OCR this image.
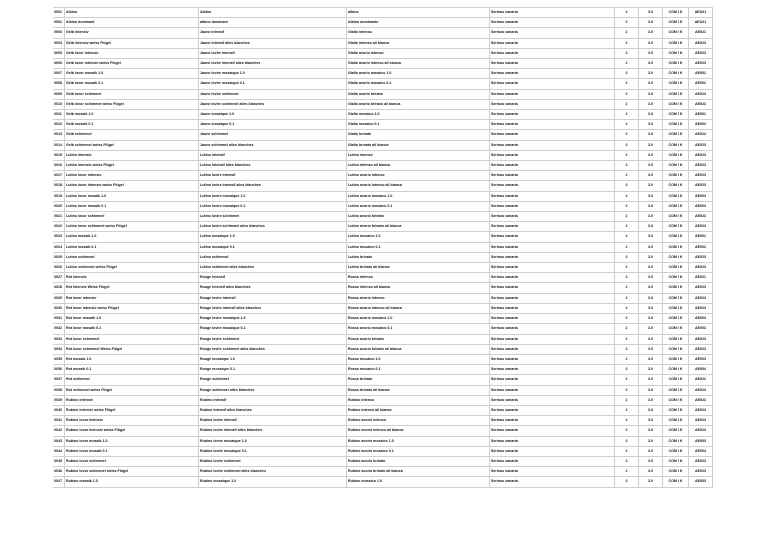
0001	Albino	Albino	albino	Serinus canaria	2	3.0	COM I K	AEU21
0002	Albino dominant	albino dominant	Albino dominante	Serinus canaria	2	3.0	COM I K	AEU21
0003	Gelb intensiv	Jaune intensif	Giallo intenso	Serinus canaria	2	3.0	COM I K	AE021
0004	Gelb intensiv weiss Flügel	Jaune intensif ailes blanches	Giallo intenso ali bianca	Serinus canaria	2	3.0	COM I K	AE023
0005	Gelb lovor intensiv	Jaune lovire intensif	Giallo avorio intenso	Serinus canaria	2	3.0	COM I K	AE023
0006	Gelb lovor intensiv weiss Flügel	Jaune lovire intensif ailes blanches	Giallo avorio intenso ali bianca	Serinus canaria	2	3.0	COM I K	AE023
0007	Gelb lovor mosaik 1.0	Jaune lovire mosaique 1.0	Giallo avorio mosaico 1.0	Serinus canaria	2	3.0	COM I K	AE001
0008	Gelb lovor mosaik 0.1	Jaune lovire mosaique 0.1	Giallo avorio mosaico 0.1	Serinus canaria	2	3.0	COM I K	AE002
0009	Gelb lovor schimmel	Jaune lovire schimmel	Giallo avorio brinato	Serinus canaria	2	3.0	COM I K	AE023
0010	Gelb lovor schimmel weiss Flügel	Jaune lovire schimmel ailes blanches	Giallo avorio brinato ali bianca	Serinus canaria	2	3.0	COM I K	AE023
0011	Gelb mosaik 1.0	Jaune mosaique 1.0	Giallo mosaico 1.0	Serinus canaria	2	3.0	COM I K	AE001
0012	Gelb mosaik 0.1	Jaune mosaique 0.1	Giallo mosaico 0.1	Serinus canaria	2	3.0	COM I K	AE002
0013	Gelb schimmel	Jaune schimmel	Giallo brinato	Serinus canaria	2	3.0	COM I K	AE022
0014	Gelb schimmel weiss Flügel	Jaune schimmel ailes blanches	Giallo brinato ali bianca	Serinus canaria	2	3.0	COM I K	AE023
0015	Lutino intensiv	Lutino intensif	Lutino intenso	Serinus canaria	2	3.0	COM I K	AE023
0016	Lutino intensiv weiss Flügel	Lutino intensif ailes blanches	Lutino intenso ali bianca	Serinus canaria	2	3.0	COM I K	AE023
0017	Lutino lovor intensiv	Lutino lovire intensif	Lutino avorio intenso	Serinus canaria	2	3.0	COM I K	AE023
0018	Lutino lovor intensiv weiss Flügel	Lutino lovire intensif ailes blanches	Lutino avorio intenso ali bianca	Serinus canaria	2	3.0	COM I K	AE023
0019	Lutino lovor mosaik 1.0	Lutino lovire mosaique 1.0	Lutino avorio mosaico 1.0	Serinus canaria	2	3.0	COM I K	AE003
0020	Lutino lovor mosaik 0.1	Lutino lovire mosaique 0.1	Lutino avorio mosaico 0.1	Serinus canaria	2	3.0	COM I K	AE003
0021	Lutino lovor schimmel	Lutino lovire schimmel	Lutino avorio brinato	Serinus canaria	2	3.0	COM I K	AE023
0022	Lutino lovor schimmel weiss Flügel	Lutino lovire schimmel ailes blanches	Lutino avorio brinato ali bianca	Serinus canaria	2	3.0	COM I K	AE023
0023	Lutino mosaik 1.0	Lutino mosaique 1.0	Lutino mosaico 1.0	Serinus canaria	2	3.0	COM I K	AE001
0024	Lutino mosaik 0.1	Lutino mosaique 0.1	Lutino mosaico 0.1	Serinus canaria	2	3.0	COM I K	AE002
0025	Lutino schimmel	Lutino schimmel	Lutino brinato	Serinus canaria	2	3.0	COM I K	AE023
0026	Lutino schimmel weiss Flügel	Lutino schimmel ailes blanches	Lutino brinato ali bianca	Serinus canaria	2	3.0	COM I K	AE023
0027	Rot intensiv	Rouge intensif	Rosso intenso	Serinus canaria	2	3.0	COM I K	AE021
0028	Rot intensiv Weiss Flügel	Rouge intensif ailes blanches	Rosso intenso ali bianca	Serinus canaria	2	3.0	COM I K	AE023
0029	Rot lovor intensiv	Rouge lovire intensif	Rosso avorio intenso	Serinus canaria	2	3.0	COM I K	AE023
0030	Rot lovor intensiv weiss Flügel	Rouge lovire intensif ailes blanches	Rosso avorio intenso ali bianca	Serinus canaria	2	3.0	COM I K	AE023
0031	Rot lovor mosaik 1.0	Rouge lovire mosaique 1.0	Rosso avorio mosaico 1.0	Serinus canaria	2	3.0	COM I K	AE003
0032	Rot lovor mosaik 0.1	Rouge lovire mosaique 0.1	Rosso avorio mosaico 0.1	Serinus canaria	2	3.0	COM I K	AE003
0033	Rot lovor schimmel	Rouge lovire schimmel	Rosso avorio brinato	Serinus canaria	2	3.0	COM I K	AE023
0034	Rot lovor schimmel Weiss Flügel	Rouge lovire schimmel ailes blanches	Rosso avorio brinato ali bianca	Serinus canaria	2	3.0	COM I K	AE023
0035	Rot mosaik 1.0	Rouge mosaique 1.0	Rosso mosaico 1.0	Serinus canaria	2	3.0	COM I K	AE003
0036	Rot mosaik 0.1	Rouge mosaique 0.1	Rosso mosaico 0.1	Serinus canaria	2	3.0	COM I K	AE004
0037	Rot schimmel	Rouge schimmel	Rosso brinato	Serinus canaria	2	3.0	COM I K	AE022
0038	Rot schimmel weiss Flügel	Rouge schimmel ailes blanches	Rosso brinato ali bianca	Serinus canaria	2	3.0	COM I K	AE023
0039	Rubino intensiv	Rubino intensif	Rubino intenso	Serinus canaria	2	3.0	COM I K	AE023
0040	Rubino intensiv weiss Flügel	Rubino intensif ailes blanches	Rubino intenso ali bianca	Serinus canaria	2	3.0	COM I K	AE023
0041	Rubino lovor intensiv	Rubino lovire intensif	Rubino avorio intenso	Serinus canaria	2	3.0	COM I K	AE023
0042	Rubino lovor intensiv weiss Flügel	Rubino lovire intensif ailes blanches	Rubino avorio intenso ali bianca	Serinus canaria	2	3.0	COM I K	AE023
0043	Rubino lovor mosaik 1.0	Rubino lovire mosaique 1.0	Rubino avorio mosaico 1.0	Serinus canaria	2	3.0	COM I K	AE003
0044	Rubino lovor mosaik 0.1	Rubino lovire mosaique 0.1	Rubino avorio mosaico 0.1	Serinus canaria	2	3.0	COM I K	AE004
0045	Rubino lovor schimmel	Rubino lovire schimmel	Rubino avorio brinato	Serinus canaria	2	3.0	COM I K	AE023
0046	Rubino lovor schimmel weiss Flügel	Rubino lovire schimmel ailes blanches	Rubino avorio brinato ali bianca	Serinus canaria	2	3.0	COM I K	AE023
0047	Rubino mosaik 1.0	Rubino mosaique 1.0	Rubino mosaico 1.0	Serinus canaria	2	3.0	COM I K	AE003
